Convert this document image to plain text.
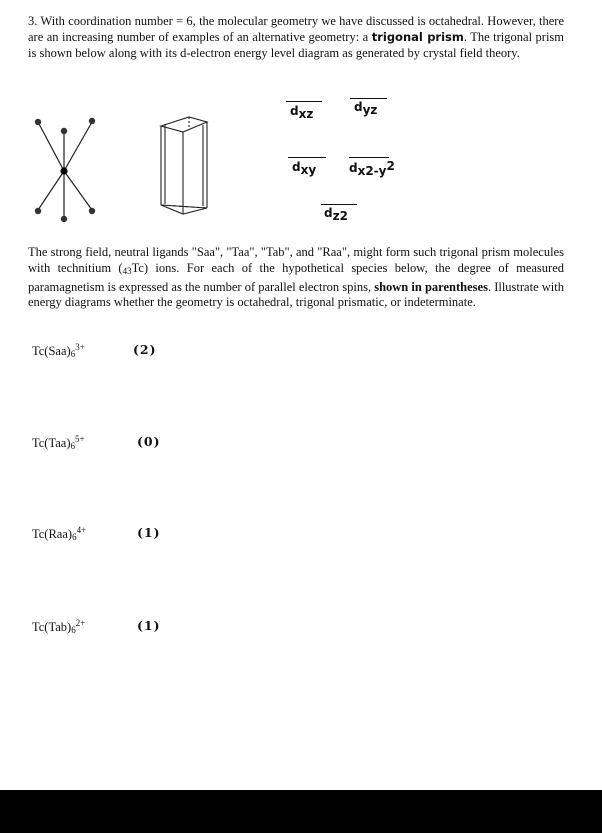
3. With coordination number = 6, the molecular geometry we have discussed is octahedral. However, there are an increasing number of examples of an alternative geometry: a trigonal prism. The trigonal prism is shown below along with its d-electron energy level diagram as generated by crystal field theory.
dxz	dyz
dxy	dx2-y2
dz2
The strong field, neutral ligands "Saa", "Taa", "Tab", and "Raa", might form such trigonal prism molecules with technitium (43Tc) ions. For each of the hypothetical species below, the degree of measured paramagnetism is expressed as the number of parallel electron spins, shown in parentheses. Illustrate with energy diagrams whether the geometry is octahedral, trigonal prismatic, or indeterminate.
$Tc(Saa)_6^{3+}$	(2)
$Tc(Taa)_6^{5+}$	(0)
$Tc(Raa)_6^{4+}$	(1)
$Tc(Tab)_6^{2+}$	(1)
